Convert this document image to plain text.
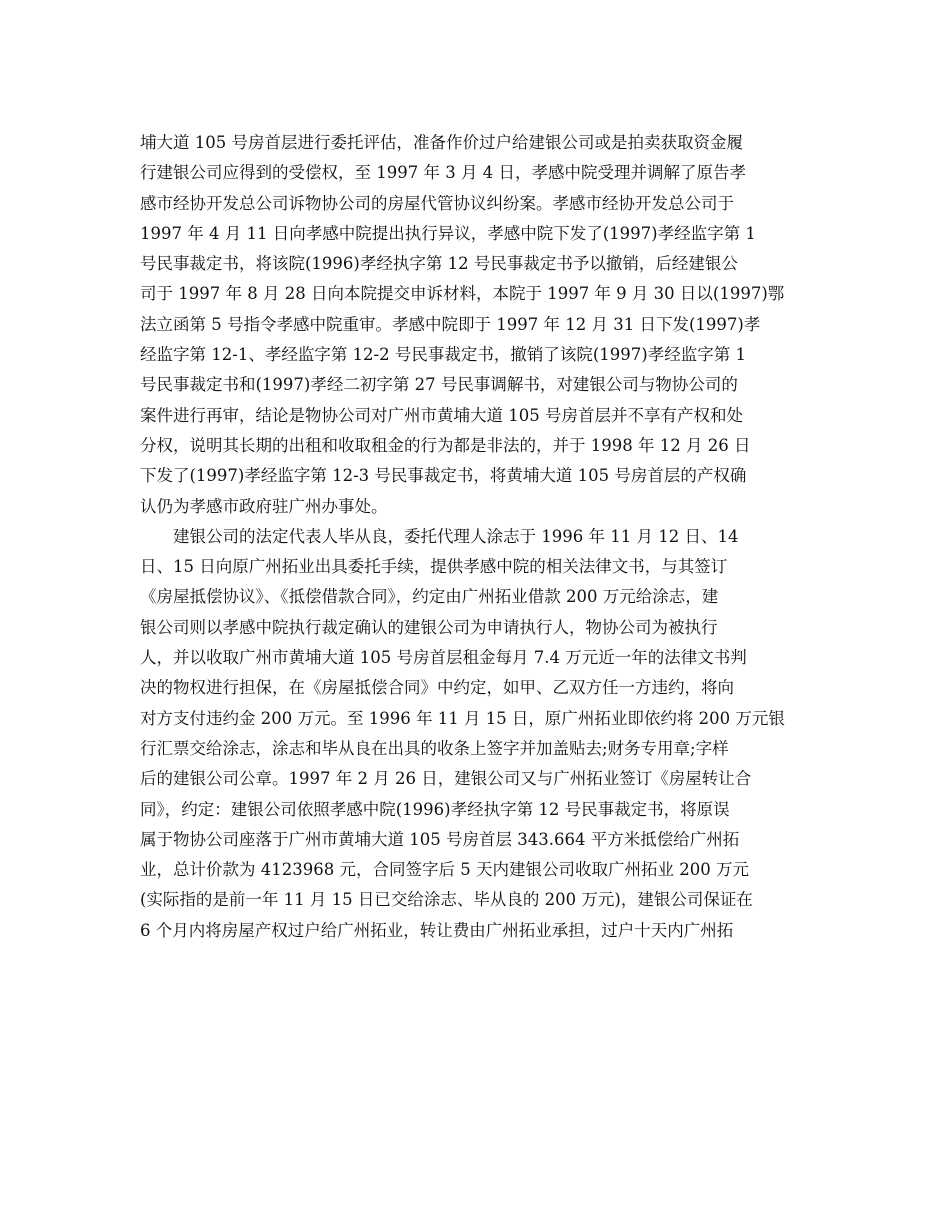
埔大道 105 号房首层进行委托评估，准备作价过户给建银公司或是拍卖获取资金履
行建银公司应得到的受偿权，至 1997 年 3 月 4 日，孝感中院受理并调解了原告孝
感市经协开发总公司诉物协公司的房屋代管协议纠纷案。孝感市经协开发总公司于
1997 年 4 月 11 日向孝感中院提出执行异议，孝感中院下发了(1997)孝经监字第 1
号民事裁定书，将该院(1996)孝经执字第 12 号民事裁定书予以撤销，后经建银公
司于 1997 年 8 月 28 日向本院提交申诉材料，本院于 1997 年 9 月 30 日以(1997)鄂
法立函第 5 号指令孝感中院重审。孝感中院即于 1997 年 12 月 31 日下发(1997)孝
经监字第 12-1、孝经监字第 12-2 号民事裁定书，撤销了该院(1997)孝经监字第 1
号民事裁定书和(1997)孝经二初字第 27 号民事调解书，对建银公司与物协公司的
案件进行再审，结论是物协公司对广州市黄埔大道 105 号房首层并不享有产权和处
分权，说明其长期的出租和收取租金的行为都是非法的，并于 1998 年 12 月 26 日
下发了(1997)孝经监字第 12-3 号民事裁定书，将黄埔大道 105 号房首层的产权确
认仍为孝感市政府驻广州办事处。
建银公司的法定代表人毕从良，委托代理人涂志于 1996 年 11 月 12 日、14
日、15 日向原广州拓业出具委托手续，提供孝感中院的相关法律文书，与其签订
《房屋抵偿协议》、《抵偿借款合同》，约定由广州拓业借款 200 万元给涂志，建
银公司则以孝感中院执行裁定确认的建银公司为申请执行人，物协公司为被执行
人，并以收取广州市黄埔大道 105 号房首层租金每月 7.4 万元近一年的法律文书判
决的物权进行担保，在《房屋抵偿合同》中约定，如甲、乙双方任一方违约，将向
对方支付违约金 200 万元。至 1996 年 11 月 15 日，原广州拓业即依约将 200 万元银
行汇票交给涂志，涂志和毕从良在出具的收条上签字并加盖贴去;财务专用章;字样
后的建银公司公章。1997 年 2 月 26 日，建银公司又与广州拓业签订《房屋转让合
同》，约定：建银公司依照孝感中院(1996)孝经执字第 12 号民事裁定书，将原误
属于物协公司座落于广州市黄埔大道 105 号房首层 343.664 平方米抵偿给广州拓
业，总计价款为 4123968 元，合同签字后 5 天内建银公司收取广州拓业 200 万元
(实际指的是前一年 11 月 15 日已交给涂志、毕从良的 200 万元)，建银公司保证在
6 个月内将房屋产权过户给广州拓业，转让费由广州拓业承担，过户十天内广州拓
